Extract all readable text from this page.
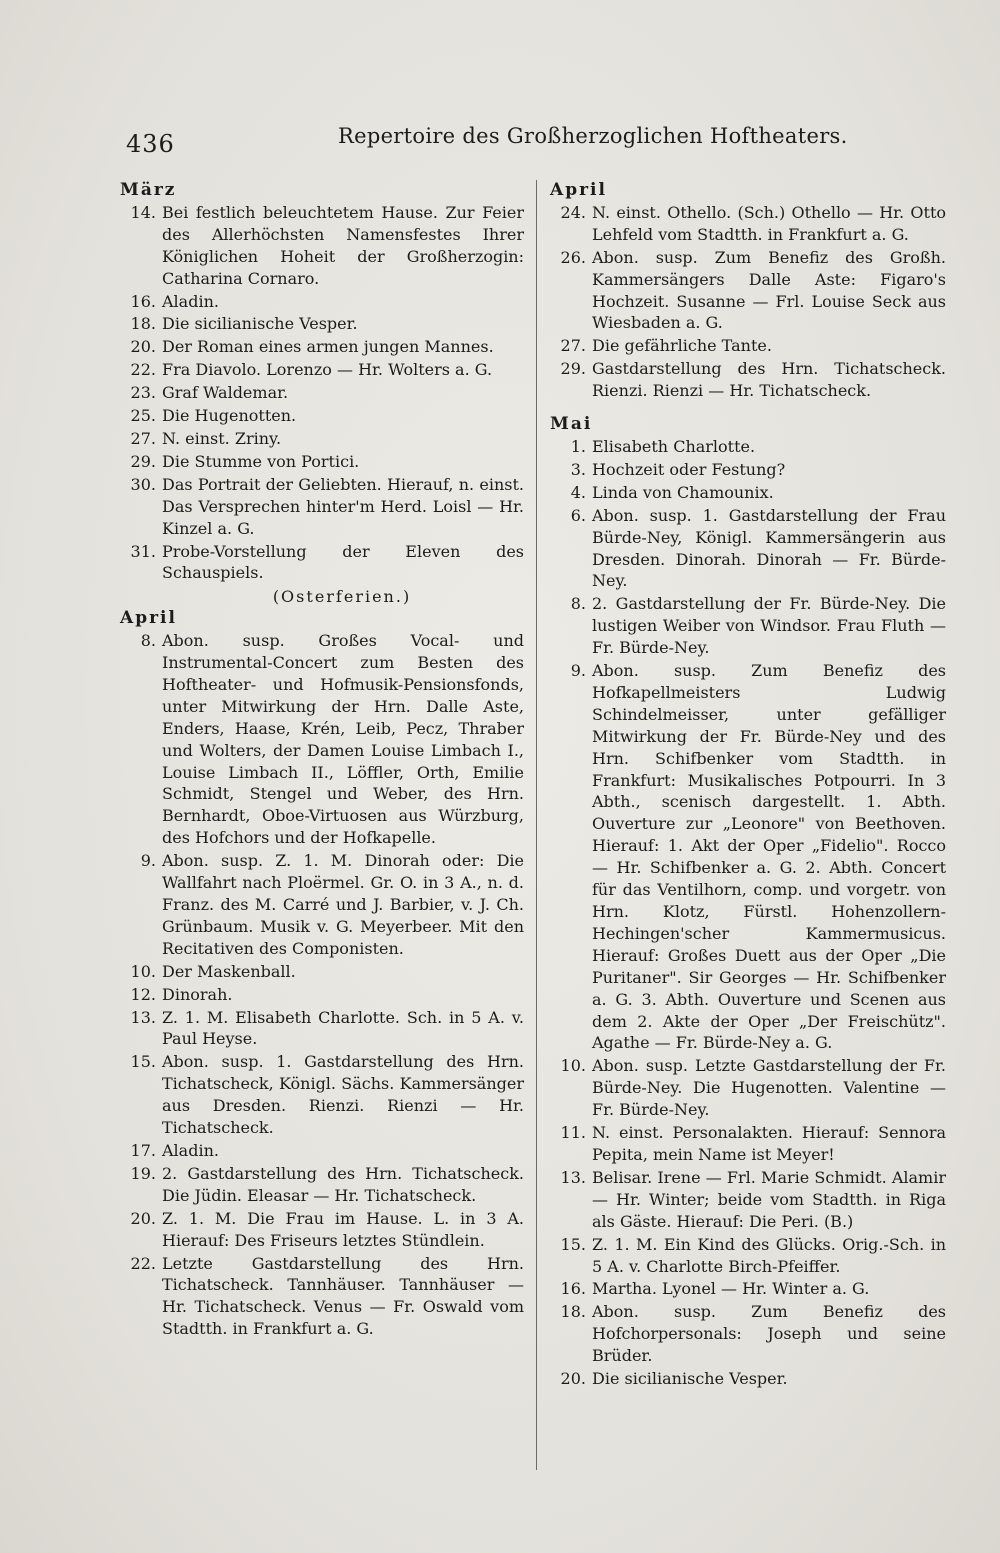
436	Repertoire des Großherzoglichen Hoftheaters.
März
14. Bei festlich beleuchtetem Hause. Zur Feier des Allerhöchsten Namensfestes Ihrer Königlichen Hoheit der Großherzogin: Catharina Cornaro.
16. Aladin.
18. Die sicilianische Vesper.
20. Der Roman eines armen jungen Mannes.
22. Fra Diavolo. Lorenzo — Hr. Wolters a. G.
23. Graf Waldemar.
25. Die Hugenotten.
27. N. einst. Zriny.
29. Die Stumme von Portici.
30. Das Portrait der Geliebten. Hierauf, n. einst. Das Versprechen hinter'm Herd. Loisl — Hr. Kinzel a. G.
31. Probe-Vorstellung der Eleven des Schauspiels.
(Osterferien.)
April
8. Abon. susp. Großes Vocal- und Instrumental-Concert zum Besten des Hoftheater- und Hofmusik-Pensionsfonds, unter Mitwirkung der Hrn. Dalle Aste, Enders, Haase, Krén, Leib, Pecz, Thraber und Wolters, der Damen Louise Limbach I., Louise Limbach II., Löffler, Orth, Emilie Schmidt, Stengel und Weber, des Hrn. Bernhardt, Oboe-Virtuosen aus Würzburg, des Hofchors und der Hofkapelle.
9. Abon. susp. Z. 1. M. Dinorah oder: Die Wallfahrt nach Ploërmel. Gr. O. in 3 A., n. d. Franz. des M. Carré und J. Barbier, v. J. Ch. Grünbaum. Musik v. G. Meyerbeer. Mit den Recitativen des Componisten.
10. Der Maskenball.
12. Dinorah.
13. Z. 1. M. Elisabeth Charlotte. Sch. in 5 A. v. Paul Heyse.
15. Abon. susp. 1. Gastdarstellung des Hrn. Tichatscheck, Königl. Sächs. Kammersänger aus Dresden. Rienzi. Rienzi — Hr. Tichatscheck.
17. Aladin.
19. 2. Gastdarstellung des Hrn. Tichatscheck. Die Jüdin. Eleasar — Hr. Tichatscheck.
20. Z. 1. M. Die Frau im Hause. L. in 3 A. Hierauf: Des Friseurs letztes Stündlein.
22. Letzte Gastdarstellung des Hrn. Tichatscheck. Tannhäuser. Tannhäuser — Hr. Tichatscheck. Venus — Fr. Oswald vom Stadtth. in Frankfurt a. G.
April
24. N. einst. Othello. (Sch.) Othello — Hr. Otto Lehfeld vom Stadtth. in Frankfurt a. G.
26. Abon. susp. Zum Benefiz des Großh. Kammersängers Dalle Aste: Figaro's Hochzeit. Susanne — Frl. Louise Seck aus Wiesbaden a. G.
27. Die gefährliche Tante.
29. Gastdarstellung des Hrn. Tichatscheck. Rienzi. Rienzi — Hr. Tichatscheck.
Mai
1. Elisabeth Charlotte.
3. Hochzeit oder Festung?
4. Linda von Chamounix.
6. Abon. susp. 1. Gastdarstellung der Frau Bürde-Ney, Königl. Kammersängerin aus Dresden. Dinorah. Dinorah — Fr. Bürde-Ney.
8. 2. Gastdarstellung der Fr. Bürde-Ney. Die lustigen Weiber von Windsor. Frau Fluth — Fr. Bürde-Ney.
9. Abon. susp. Zum Benefiz des Hofkapellmeisters Ludwig Schindelmeisser, unter gefälliger Mitwirkung der Fr. Bürde-Ney und des Hrn. Schifbenker vom Stadtth. in Frankfurt: Musikalisches Potpourri. In 3 Abth., scenisch dargestellt. 1. Abth. Ouverture zur „Leonore" von Beethoven. Hierauf: 1. Akt der Oper „Fidelio". Rocco — Hr. Schifbenker a. G. 2. Abth. Concert für das Ventilhorn, comp. und vorgetr. von Hrn. Klotz, Fürstl. Hohenzollern-Hechingen'scher Kammermusicus. Hierauf: Großes Duett aus der Oper „Die Puritaner". Sir Georges — Hr. Schifbenker a. G. 3. Abth. Ouverture und Scenen aus dem 2. Akte der Oper „Der Freischütz". Agathe — Fr. Bürde-Ney a. G.
10. Abon. susp. Letzte Gastdarstellung der Fr. Bürde-Ney. Die Hugenotten. Valentine — Fr. Bürde-Ney.
11. N. einst. Personalakten. Hierauf: Sennora Pepita, mein Name ist Meyer!
13. Belisar. Irene — Frl. Marie Schmidt. Alamir — Hr. Winter; beide vom Stadtth. in Riga als Gäste. Hierauf: Die Peri. (B.)
15. Z. 1. M. Ein Kind des Glücks. Orig.-Sch. in 5 A. v. Charlotte Birch-Pfeiffer.
16. Martha. Lyonel — Hr. Winter a. G.
18. Abon. susp. Zum Benefiz des Hofchorpersonals: Joseph und seine Brüder.
20. Die sicilianische Vesper.
